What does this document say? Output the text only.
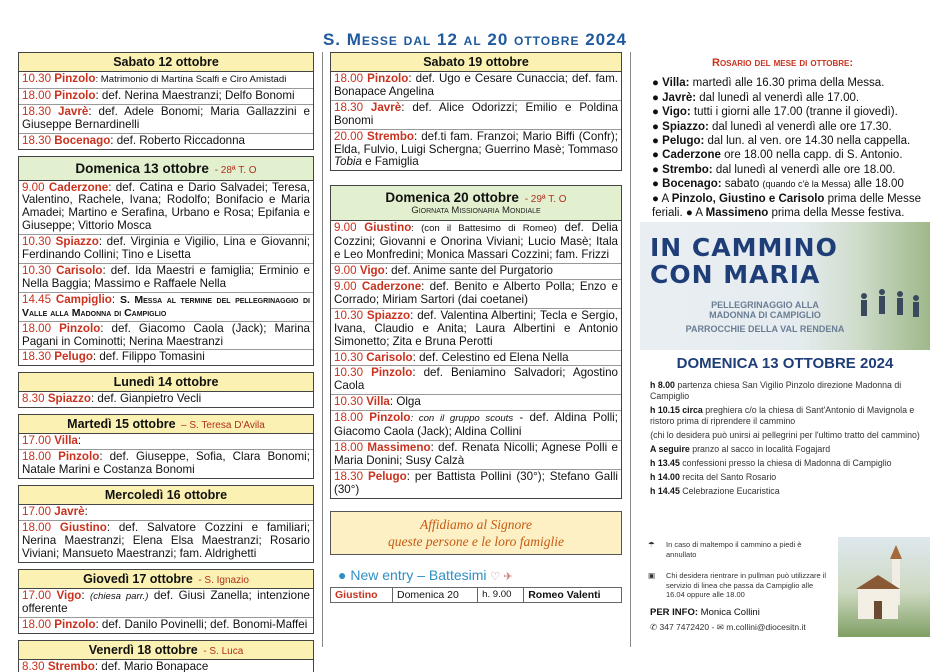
S. Messe dal 12 al 20 ottobre 2024
Sabato 12 ottobre
10.30 Pinzolo: Matrimonio di Martina Scalfi e Ciro Amistadi
18.00 Pinzolo: def. Nerina Maestranzi; Delfo Bonomi
18.30 Javrè: def. Adele Bonomi; Maria Gallazzini e Giuseppe Bernardinelli
18.30 Bocenago: def. Roberto Riccadonna
Domenica 13 ottobre - 28ª T. O
9.00 Caderzone: def. Catina e Dario Salvadei; Teresa, Valentino, Rachele, Ivana; Rodolfo; Bonifacio e Maria Amadei; Martino e Serafina, Urbano e Rosa; Epifania e Giuseppe; Vittorio Mosca
10.30 Spiazzo: def. Virginia e Vigilio, Lina e Giovanni; Ferdinando Collini; Tino e Lisetta
10.30 Carisolo: def. Ida Maestri e famiglia; Erminio e Nella Baggia; Massimo e Raffaele Nella
14.45 Campiglio: S. Messa al termine del pellegrinaggio di Valle alla Madonna di Campiglio
18.00 Pinzolo: def. Giacomo Caola (Jack); Marina Pagani in Cominotti; Nerina Maestranzi
18.30 Pelugo: def. Filippo Tomasini
Lunedì 14 ottobre
8.30 Spiazzo: def. Gianpietro Vecli
Martedì 15 ottobre – S. Teresa D'Avila
17.00 Villa:
18.00 Pinzolo: def. Giuseppe, Sofia, Clara Bonomi; Natale Marini e Costanza Bonomi
Mercoledì 16 ottobre
17.00 Javrè:
18.00 Giustino: def. Salvatore Cozzini e familiari; Nerina Maestranzi; Elena Elsa Maestranzi; Rosario Viviani; Mansueto Maestranzi; fam. Aldrighetti
Giovedì 17 ottobre - S. Ignazio
17.00 Vigo: (chiesa parr.) def. Giusi Zanella; intenzione offerente
18.00 Pinzolo: def. Danilo Povinelli; def. Bonomi-Maffei
Venerdì 18 ottobre - S. Luca
8.30 Strembo: def. Mario Bonapace
Sabato 19 ottobre
18.00 Pinzolo: def. Ugo e Cesare Cunaccia; def. fam. Bonapace Angelina
18.30 Javrè: def. Alice Odorizzi; Emilio e Poldina Bonomi
20.00 Strembo: def.ti fam. Franzoi; Mario Biffi (Confr); Elda, Fulvio, Luigi Schergna; Guerrino Masè; Tommaso Tobia e Famiglia
Domenica 20 ottobre - 29ª T. O
Giornata Missionaria Mondiale
9.00 Giustino: (con il Battesimo di Romeo) def. Delia Cozzini; Giovanni e Onorina Viviani; Lucio Masè; Itala e Leo Monfredini; Monica Massari Cozzini; fam. Frizzi
9.00 Vigo: def. Anime sante del Purgatorio
9.00 Caderzone: def. Benito e Alberto Polla; Enzo e Corrado; Miriam Sartori (dai coetanei)
10.30 Spiazzo: def. Valentina Albertini; Tecla e Sergio, Ivana, Claudio e Anita; Laura Albertini e Antonio Simonetto; Zita e Bruna Perotti
10.30 Carisolo: def. Celestino ed Elena Nella
10.30 Pinzolo: def. Beniamino Salvadori; Agostino Caola
10.30 Villa: Olga
18.00 Pinzolo: con il gruppo scouts - def. Aldina Polli; Giacomo Caola (Jack); Aldina Collini
18.00 Massimeno: def. Renata Nicolli; Agnese Polli e Maria Donini; Susy Calzà
18.30 Pelugo: per Battista Pollini (30°); Stefano Galli (30°)
Affidiamo al Signore
queste persone e le loro famiglie
● New entry – Battesimi ♡ ✈
Giustino	Domenica 20	h. 9.00	Romeo Valenti
Rosario del mese di ottobre:
● Villa: martedì alle 16.30 prima della Messa.
● Javrè: dal lunedì al venerdì alle 17.00.
● Vigo: tutti i giorni alle 17.00 (tranne il giovedì).
● Spiazzo: dal lunedì al venerdì alle ore 17.30.
● Pelugo: dal lun. al ven. ore 14.30 nella cappella.
● Caderzone ore 18.00 nella capp. di S. Antonio.
● Strembo: dal lunedì al venerdì alle ore 18.00.
● Bocenago: sabato (quando c'è la Messa) alle 18.00
● A Pinzolo, Giustino e Carisolo prima delle Messe feriali. ● A Massimeno prima della Messe festiva.
IN CAMMINO
CON MARIA
PELLEGRINAGGIO ALLA
MADONNA DI CAMPIGLIO
PARROCCHIE DELLA VAL RENDENA
DOMENICA 13 OTTOBRE 2024
h 8.00 partenza chiesa San Vigilio Pinzolo direzione Madonna di Campiglio
h 10.15 circa preghiera c/o la chiesa di Sant'Antonio di Mavignola e ristoro prima di riprendere il cammino
(chi lo desidera può unirsi ai pellegrini per l'ultimo tratto del cammino)
A seguire pranzo al sacco in località Fogajard
h 13.45 confessioni presso la chiesa di Madonna di Campiglio
h 14.00 recita del Santo Rosario
h 14.45 Celebrazione Eucaristica
☂	In caso di maltempo il cammino a piedi è annullato
▣	Chi desidera rientrare in pullman può utilizzare il servizio di linea che passa da Campiglio alle 16.04 oppure alle 18.00
PER INFO: Monica Collini
✆ 347 7472420 - ✉ m.collini@diocesitn.it
